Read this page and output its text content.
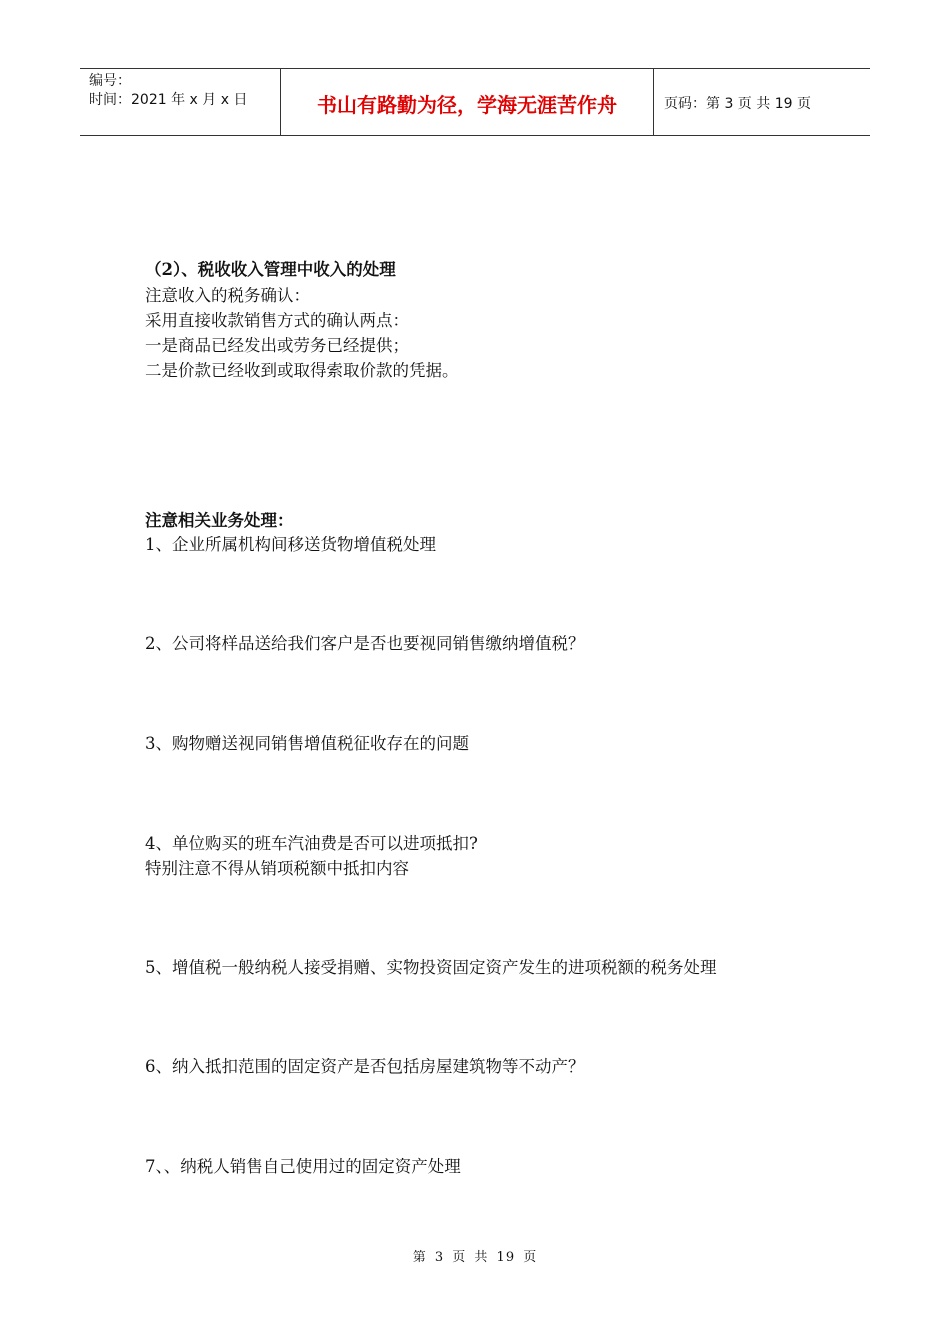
编号：
时间：2021 年 x 月 x 日	书山有路勤为径，学海无涯苦作舟	页码：第 3 页 共 19 页
（2）、税收收入管理中收入的处理
注意收入的税务确认：
采用直接收款销售方式的确认两点：
一是商品已经发出或劳务已经提供；
二是价款已经收到或取得索取价款的凭据。
注意相关业务处理：
1、企业所属机构间移送货物增值税处理
2、公司将样品送给我们客户是否也要视同销售缴纳增值税？
3、购物赠送视同销售增值税征收存在的问题
4、单位购买的班车汽油费是否可以进项抵扣?
特别注意不得从销项税额中抵扣内容
5、增值税一般纳税人接受捐赠、实物投资固定资产发生的进项税额的税务处理
6、纳入抵扣范围的固定资产是否包括房屋建筑物等不动产？
7、、纳税人销售自己使用过的固定资产处理
第 3 页 共 19 页
